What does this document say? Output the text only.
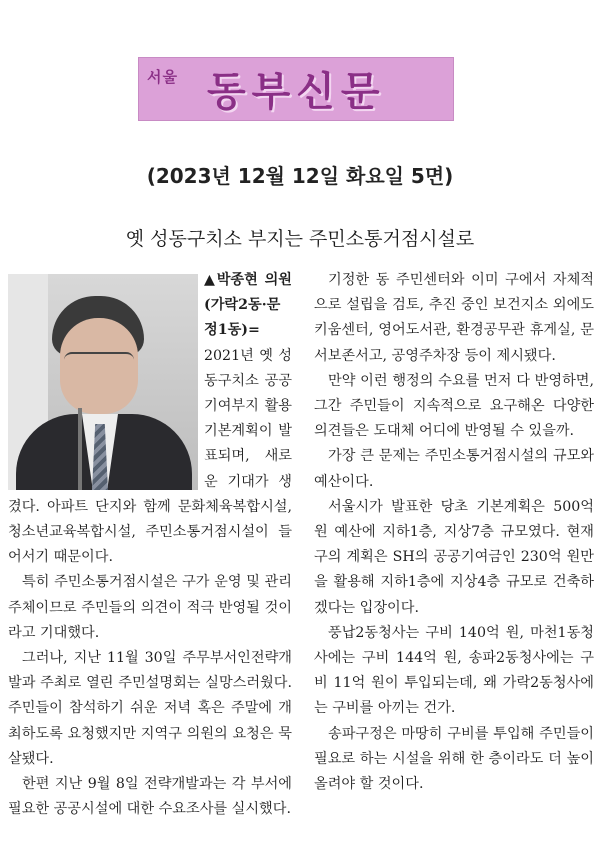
서울 동부신문
(2023년 12월 12일 화요일 5면)
옛 성동구치소 부지는 주민소통거점시설로

▲박종현 의원(가락2동·문정1동)= 2021년 옛 성동구치소 공공기여부지 활용기본계획이 발표되며, 새로운 기대가 생겼다. 아파트 단지와 함께 문화체육복합시설, 청소년교육복합시설, 주민소통거점시설이 들어서기 때문이다.

특히 주민소통거점시설은 구가 운영 및 관리주체이므로 주민들의 의견이 적극 반영될 것이라고 기대했다.

그러나, 지난 11월 30일 주무부서인전략개발과 주최로 열린 주민설명회는 실망스러웠다. 주민들이 참석하기 쉬운 저녁 혹은 주말에 개최하도록 요청했지만 지역구 의원의 요청은 묵살됐다.

한편 지난 9월 8일 전략개발과는 각 부서에 필요한 공공시설에 대한 수요조사를 실시했다.

기정한 동 주민센터와 이미 구에서 자체적으로 설립을 검토, 추진 중인 보건지소 외에도 키움센터, 영어도서관, 환경공무관 휴게실, 문서보존서고, 공영주차장 등이 제시됐다.

만약 이런 행정의 수요를 먼저 다 반영하면, 그간 주민들이 지속적으로 요구해온 다양한 의견들은 도대체 어디에 반영될 수 있을까.

가장 큰 문제는 주민소통거점시설의 규모와 예산이다.

서울시가 발표한 당초 기본계획은 500억 원 예산에 지하1층, 지상7층 규모였다. 현재 구의 계획은 SH의 공공기여금인 230억 원만을 활용해 지하1층에 지상4층 규모로 건축하겠다는 입장이다.

풍납2동청사는 구비 140억 원, 마천1동청사에는 구비 144억 원, 송파2동청사에는 구비 11억 원이 투입되는데, 왜 가락2동청사에는 구비를 아끼는 건가.

송파구정은 마땅히 구비를 투입해 주민들이 필요로 하는 시설을 위해 한 층이라도 더 높이 올려야 할 것이다.
